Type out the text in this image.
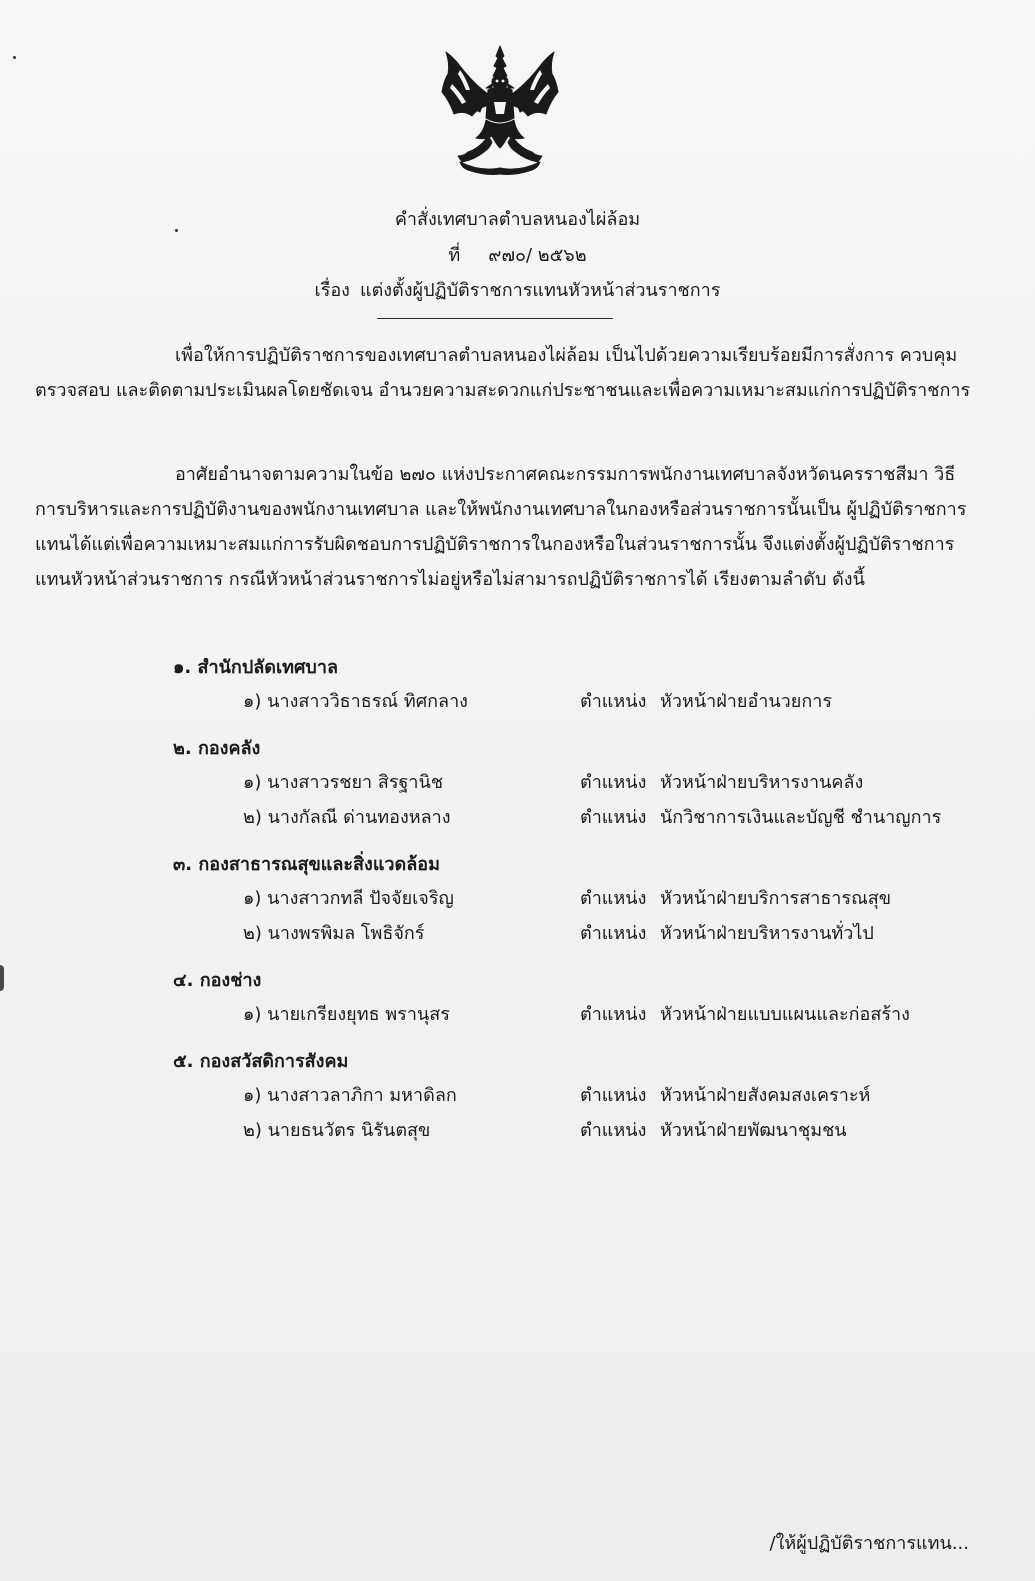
คำสั่งเทศบาลตำบลหนองไผ่ล้อม
ที่ ๙๗๐/ ๒๕๖๒
เรื่อง แต่งตั้งผู้ปฏิบัติราชการแทนหัวหน้าส่วนราชการ

เพื่อให้การปฏิบัติราชการของเทศบาลตำบลหนองไผ่ล้อม เป็นไปด้วยความเรียบร้อยมีการสั่งการ ควบคุมตรวจสอบ และติดตามประเมินผลโดยชัดเจน อำนวยความสะดวกแก่ประชาชนและเพื่อความเหมาะสมแก่การปฏิบัติราชการ

อาศัยอำนาจตามความในข้อ ๒๗๐ แห่งประกาศคณะกรรมการพนักงานเทศบาลจังหวัดนครราชสีมา วิธีการบริหารและการปฏิบัติงานของพนักงานเทศบาล และให้พนักงานเทศบาลในกองหรือส่วนราชการนั้นเป็น ผู้ปฏิบัติราชการแทนได้แต่เพื่อความเหมาะสมแก่การรับผิดชอบการปฏิบัติราชการในกองหรือในส่วนราชการนั้น จึงแต่งตั้งผู้ปฏิบัติราชการแทนหัวหน้าส่วนราชการ กรณีหัวหน้าส่วนราชการไม่อยู่หรือไม่สามารถปฏิบัติราชการได้ เรียงตามลำดับ ดังนี้

๑. สำนักปลัดเทศบาล
๑) นางสาววิธาธรณ์ ทิศกลาง	ตำแหน่ง หัวหน้าฝ่ายอำนวยการ
๒. กองคลัง
๑) นางสาวรชยา สิรฐานิช	ตำแหน่ง หัวหน้าฝ่ายบริหารงานคลัง
๒) นางกัลณี ด่านทองหลาง	ตำแหน่ง นักวิชาการเงินและบัญชี ชำนาญการ
๓. กองสาธารณสุขและสิ่งแวดล้อม
๑) นางสาวกทลี ปัจจัยเจริญ	ตำแหน่ง หัวหน้าฝ่ายบริการสาธารณสุข
๒) นางพรพิมล โพธิจักร์	ตำแหน่ง หัวหน้าฝ่ายบริหารงานทั่วไป
๔. กองช่าง
๑) นายเกรียงยุทธ พรานุสร	ตำแหน่ง หัวหน้าฝ่ายแบบแผนและก่อสร้าง
๕. กองสวัสดิการสังคม
๑) นางสาวลาภิกา มหาดิลก	ตำแหน่ง หัวหน้าฝ่ายสังคมสงเคราะห์
๒) นายธนวัตร นิรันตสุข	ตำแหน่ง หัวหน้าฝ่ายพัฒนาชุมชน
/ให้ผู้ปฏิบัติราชการแทน...
